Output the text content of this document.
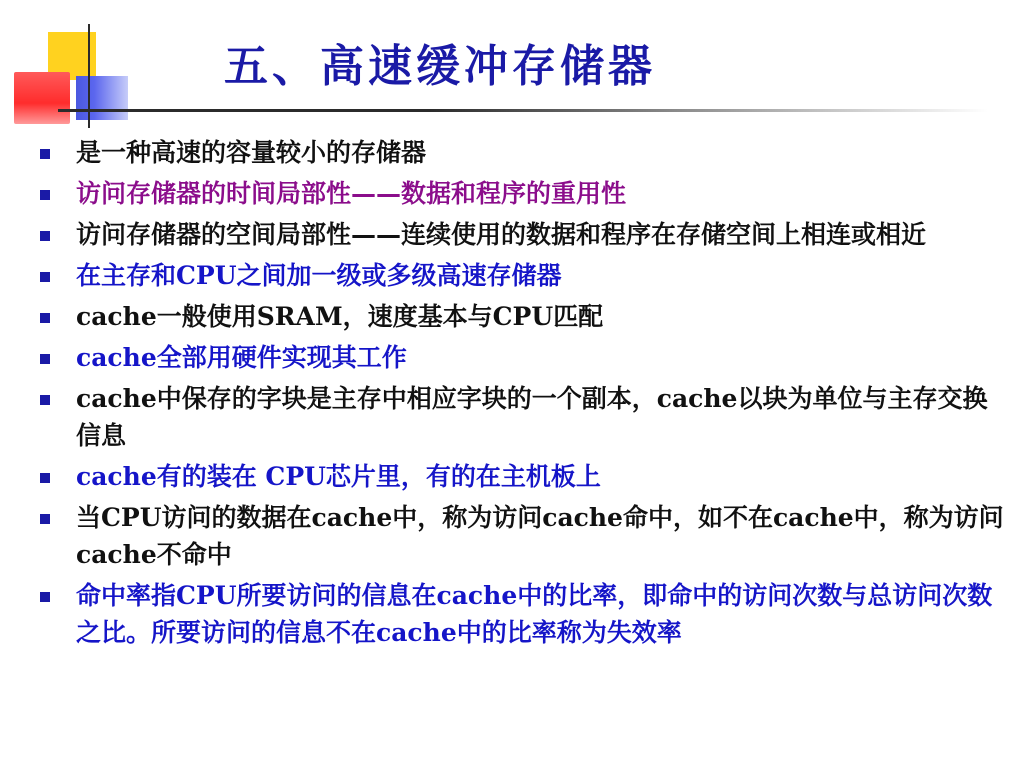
五、高速缓冲存储器
是一种高速的容量较小的存储器
访问存储器的时间局部性——数据和程序的重用性
访问存储器的空间局部性——连续使用的数据和程序在存储空间上相连或相近
在主存和CPU之间加一级或多级高速存储器
cache一般使用SRAM，速度基本与CPU匹配
cache全部用硬件实现其工作
cache中保存的字块是主存中相应字块的一个副本，cache以块为单位与主存交换信息
cache有的装在 CPU芯片里，有的在主机板上
当CPU访问的数据在cache中，称为访问cache命中，如不在cache中，称为访问cache不命中
命中率指CPU所要访问的信息在cache中的比率，即命中的访问次数与总访问次数之比。所要访问的信息不在cache中的比率称为失效率
